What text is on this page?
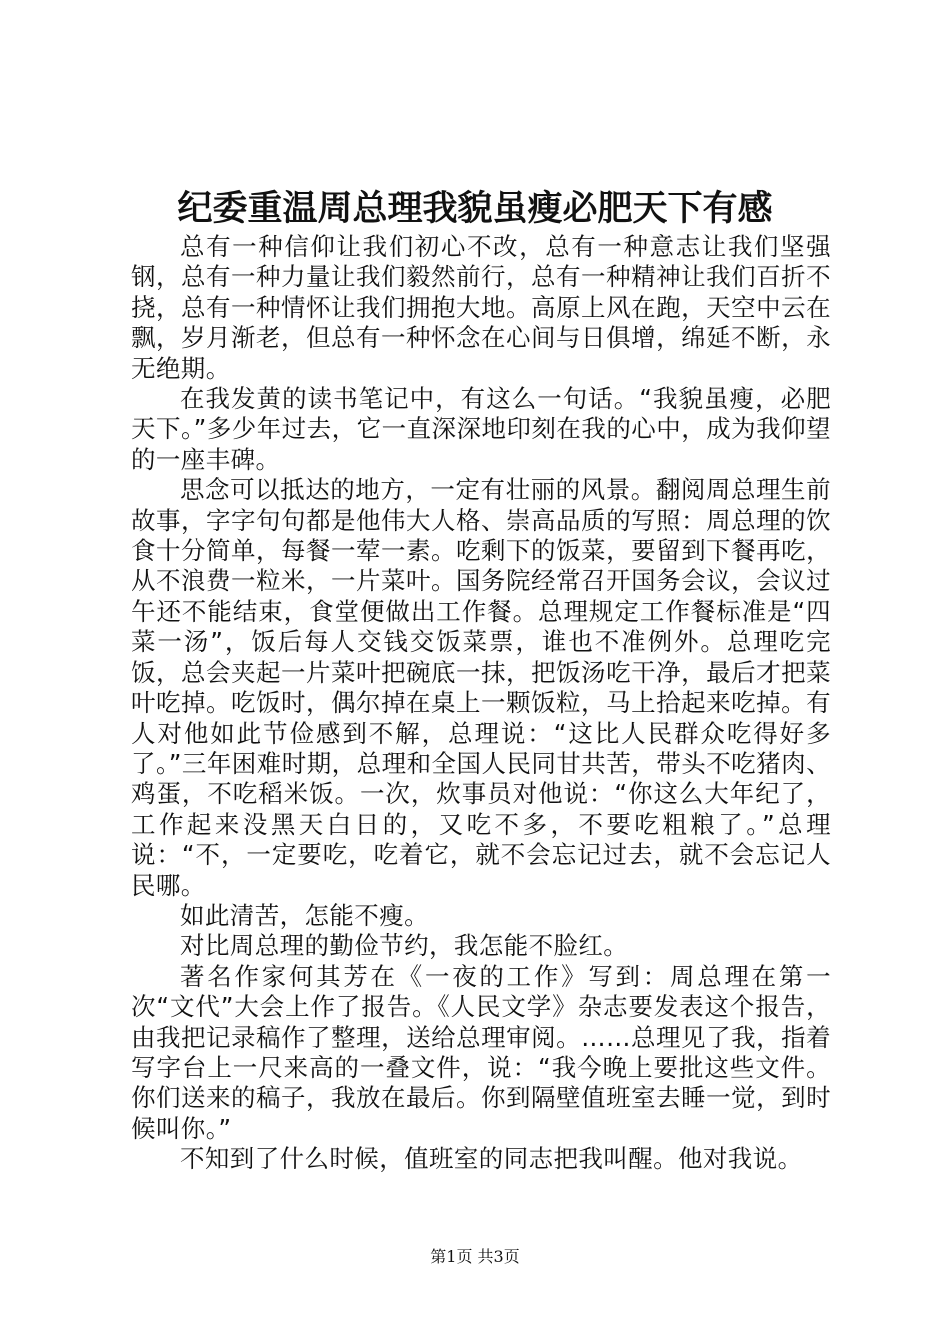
纪委重温周总理我貌虽瘦必肥天下有感

总有一种信仰让我们初心不改，总有一种意志让我们坚强钢，总有一种力量让我们毅然前行，总有一种精神让我们百折不挠，总有一种情怀让我们拥抱大地。高原上风在跑，天空中云在飘，岁月渐老，但总有一种怀念在心间与日俱增，绵延不断，永无绝期。

在我发黄的读书笔记中，有这么一句话。“我貌虽瘦，必肥天下。”多少年过去，它一直深深地印刻在我的心中，成为我仰望的一座丰碑。

思念可以抵达的地方，一定有壮丽的风景。翻阅周总理生前故事，字字句句都是他伟大人格、崇高品质的写照：周总理的饮食十分简单，每餐一荤一素。吃剩下的饭菜，要留到下餐再吃，从不浪费一粒米，一片菜叶。国务院经常召开国务会议，会议过午还不能结束，食堂便做出工作餐。总理规定工作餐标准是“四菜一汤”，饭后每人交钱交饭菜票，谁也不准例外。总理吃完饭，总会夹起一片菜叶把碗底一抹，把饭汤吃干净，最后才把菜叶吃掉。吃饭时，偶尔掉在桌上一颗饭粒，马上拾起来吃掉。有人对他如此节俭感到不解，总理说：“这比人民群众吃得好多了。”三年困难时期，总理和全国人民同甘共苦，带头不吃猪肉、鸡蛋，不吃稻米饭。一次，炊事员对他说：“你这么大年纪了，工作起来没黑天白日的，又吃不多，不要吃粗粮了。”总理说：“不，一定要吃，吃着它，就不会忘记过去，就不会忘记人民哪。

如此清苦，怎能不瘦。

对比周总理的勤俭节约，我怎能不脸红。

著名作家何其芳在《一夜的工作》写到：周总理在第一次“文代”大会上作了报告。《人民文学》杂志要发表这个报告，由我把记录稿作了整理，送给总理审阅。……总理见了我，指着写字台上一尺来高的一叠文件，说：“我今晚上要批这些文件。你们送来的稿子，我放在最后。你到隔壁值班室去睡一觉，到时候叫你。”

不知到了什么时候，值班室的同志把我叫醒。他对我说。

第1页 共3页
